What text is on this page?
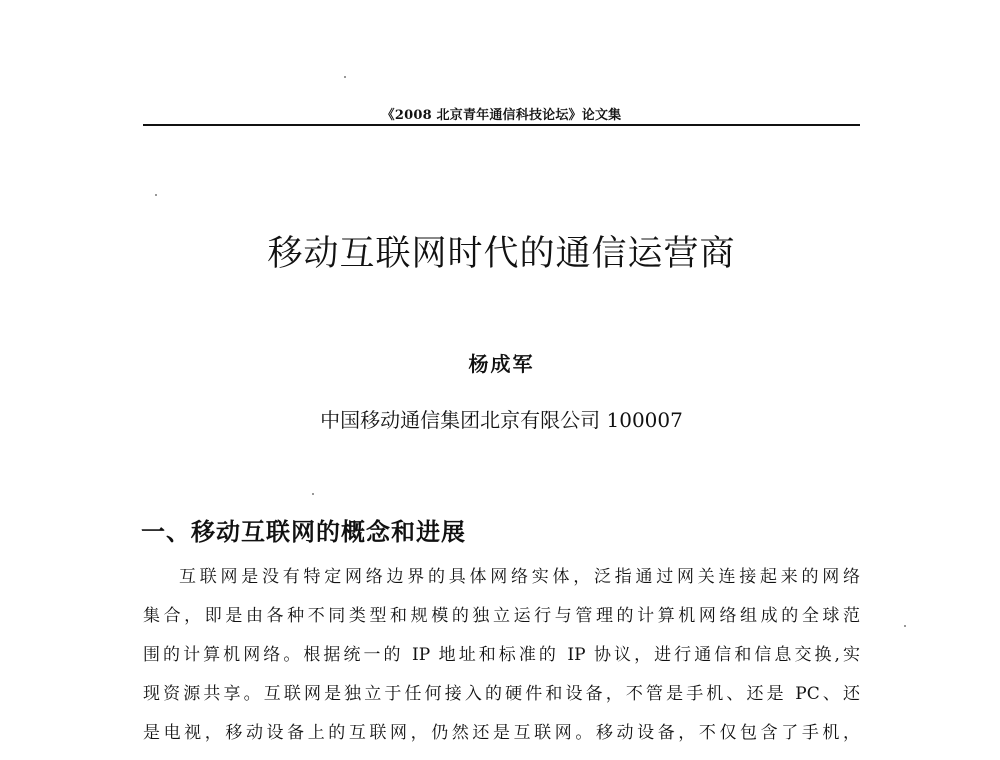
《2008 北京青年通信科技论坛》论文集
移动互联网时代的通信运营商
杨成军
中国移动通信集团北京有限公司 100007
一、移动互联网的概念和进展
互联网是没有特定网络边界的具体网络实体，泛指通过网关连接起来的网络
集合，即是由各种不同类型和规模的独立运行与管理的计算机网络组成的全球范
围的计算机网络。根据统一的 IP 地址和标准的 IP 协议，进行通信和信息交换,实
现资源共享。互联网是独立于任何接入的硬件和设备，不管是手机、还是 PC、还
是电视，移动设备上的互联网，仍然还是互联网。移动设备，不仅包含了手机，
